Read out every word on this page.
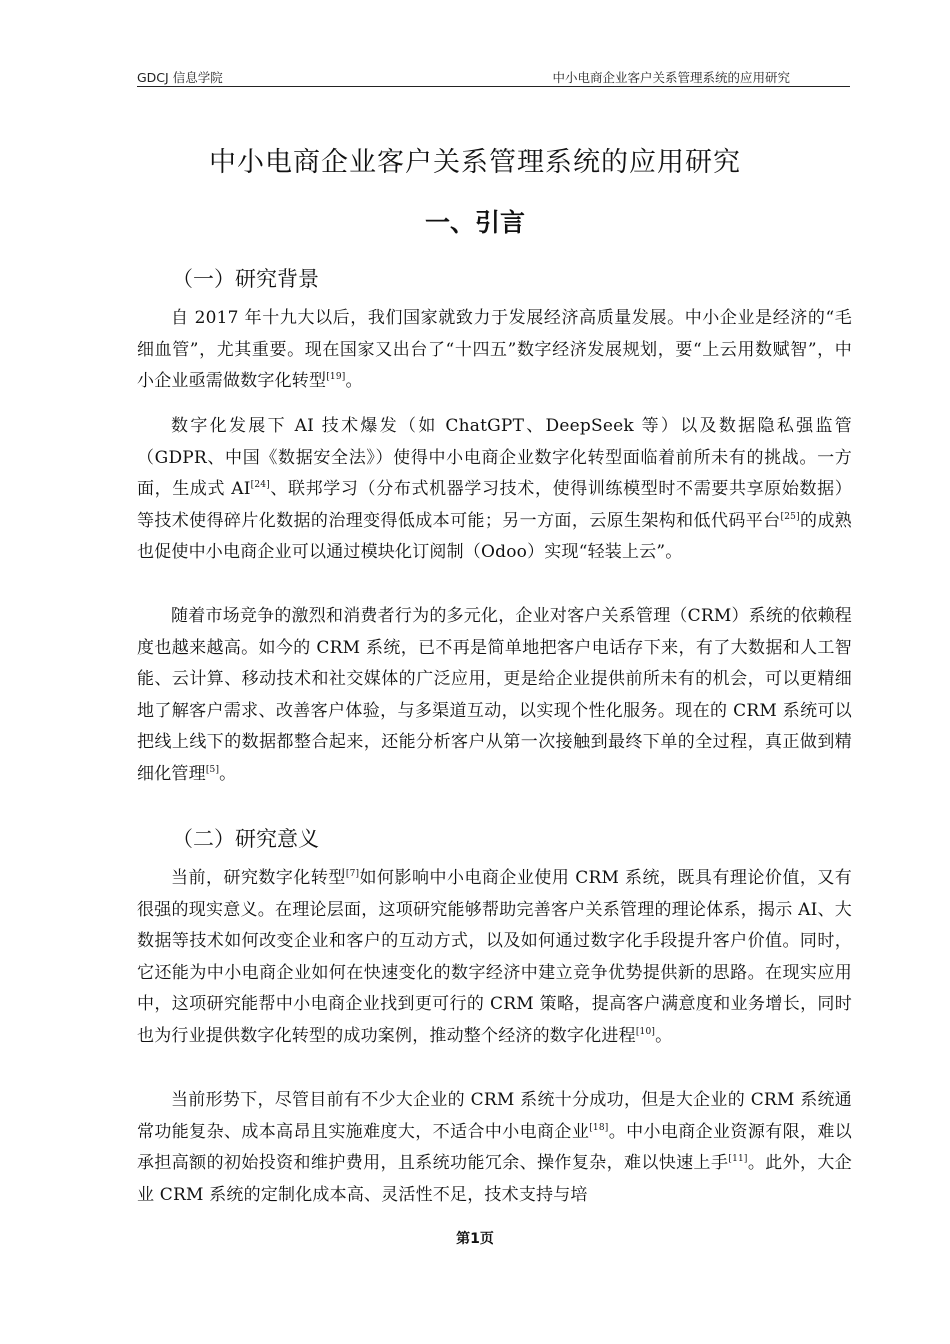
GDCJ 信息学院	中小电商企业客户关系管理系统的应用研究
中小电商企业客户关系管理系统的应用研究
一、引言
（一）研究背景

自 2017 年十九大以后，我们国家就致力于发展经济高质量发展。中小企业是经济的“毛细血管”，尤其重要。现在国家又出台了“十四五”数字经济发展规划，要“上云用数赋智”，中小企业亟需做数字化转型[19]。

数字化发展下 AI 技术爆发（如 ChatGPT、DeepSeek 等）以及数据隐私强监管（GDPR、中国《数据安全法》）使得中小电商企业数字化转型面临着前所未有的挑战。一方面，生成式 AI[24]、联邦学习（分布式机器学习技术，使得训练模型时不需要共享原始数据）等技术使得碎片化数据的治理变得低成本可能；另一方面，云原生架构和低代码平台[25]的成熟也促使中小电商企业可以通过模块化订阅制（Odoo）实现“轻装上云”。

随着市场竞争的激烈和消费者行为的多元化，企业对客户关系管理（CRM）系统的依赖程度也越来越高。如今的 CRM 系统，已不再是简单地把客户电话存下来，有了大数据和人工智能、云计算、移动技术和社交媒体的广泛应用，更是给企业提供前所未有的机会，可以更精细地了解客户需求、改善客户体验，与多渠道互动，以实现个性化服务。现在的 CRM 系统可以把线上线下的数据都整合起来，还能分析客户从第一次接触到最终下单的全过程，真正做到精细化管理[5]。

（二）研究意义

当前，研究数字化转型[7]如何影响中小电商企业使用 CRM 系统，既具有理论价值，又有很强的现实意义。在理论层面，这项研究能够帮助完善客户关系管理的理论体系，揭示 AI、大数据等技术如何改变企业和客户的互动方式，以及如何通过数字化手段提升客户价值。同时，它还能为中小电商企业如何在快速变化的数字经济中建立竞争优势提供新的思路。在现实应用中，这项研究能帮中小电商企业找到更可行的 CRM 策略，提高客户满意度和业务增长，同时也为行业提供数字化转型的成功案例，推动整个经济的数字化进程[10]。

当前形势下，尽管目前有不少大企业的 CRM 系统十分成功，但是大企业的 CRM 系统通常功能复杂、成本高昂且实施难度大，不适合中小电商企业[18]。中小电商企业资源有限，难以承担高额的初始投资和维护费用，且系统功能冗余、操作复杂，难以快速上手[11]。此外，大企业 CRM 系统的定制化成本高、灵活性不足，技术支持与培

第1页
